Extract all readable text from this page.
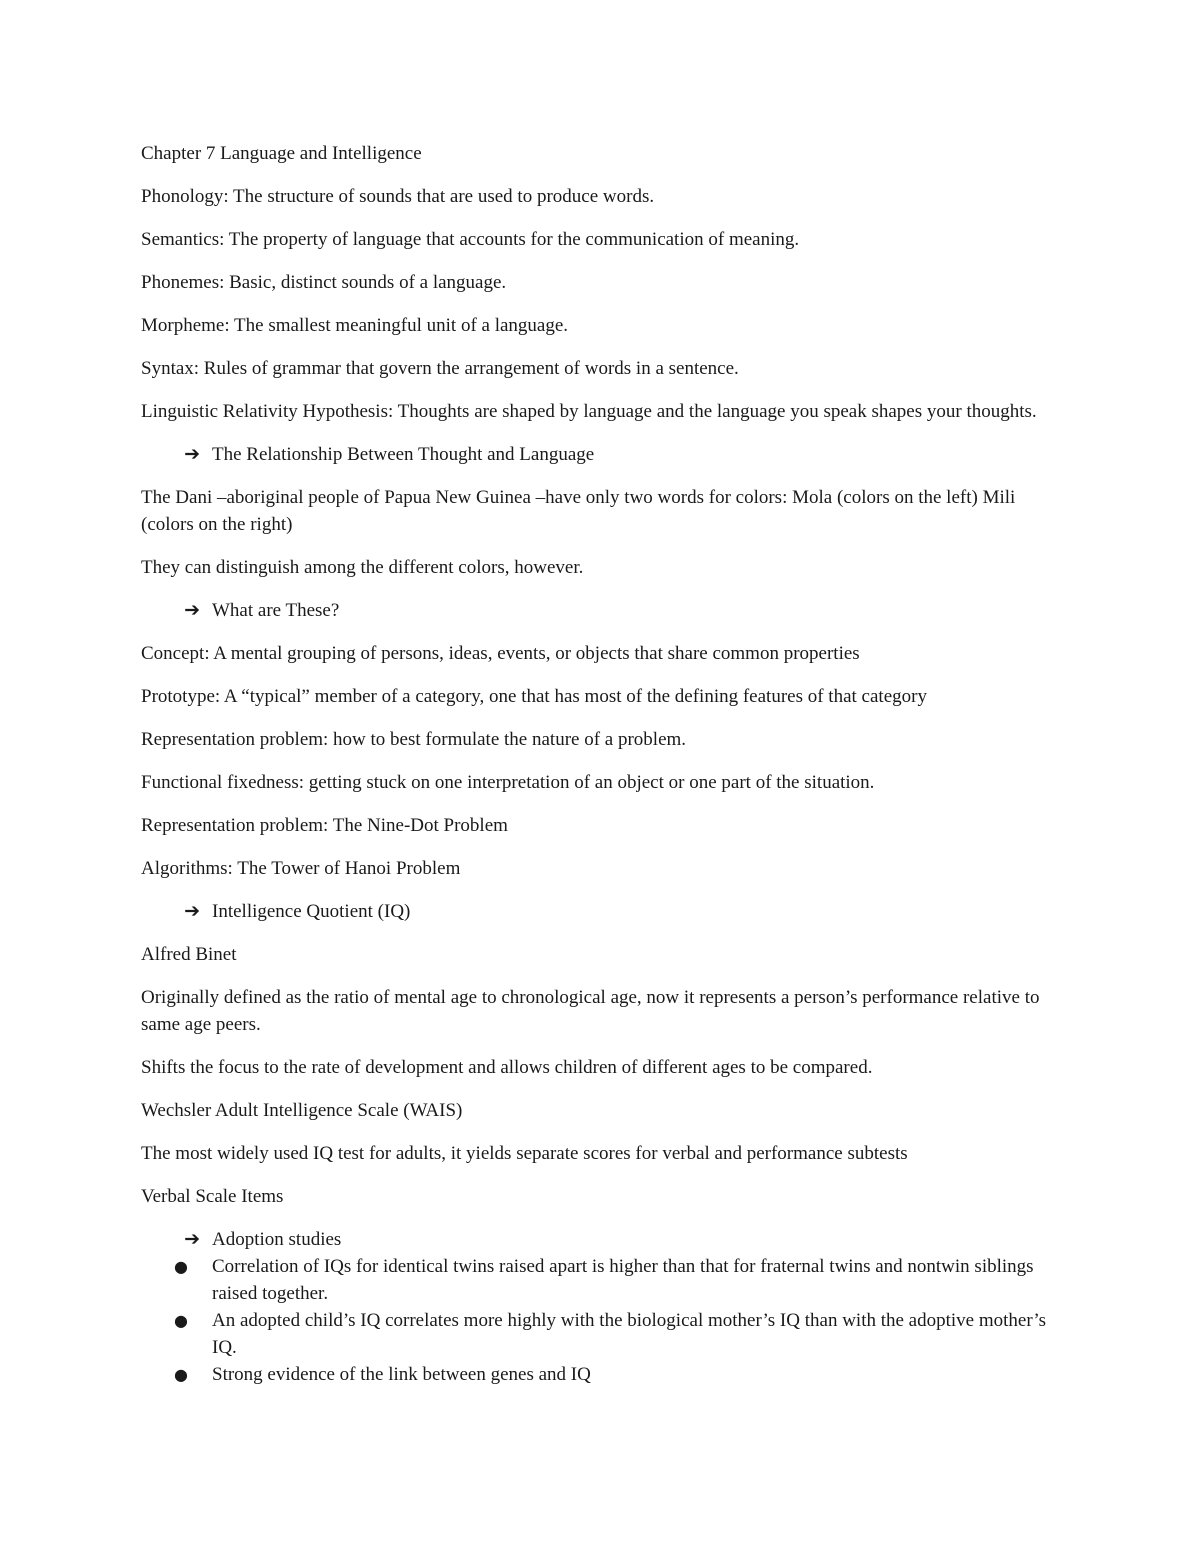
Chapter 7 Language and Intelligence

Phonology: The structure of sounds that are used to produce words.

Semantics: The property of language that accounts for the communication of meaning.

Phonemes: Basic, distinct sounds of a language.

Morpheme: The smallest meaningful unit of a language.

Syntax: Rules of grammar that govern the arrangement of words in a sentence.

Linguistic Relativity Hypothesis: Thoughts are shaped by language and the language you speak shapes your thoughts.

➔ The Relationship Between Thought and Language

The Dani –aboriginal people of Papua New Guinea –have only two words for colors: Mola (colors on the left) Mili (colors on the right)

They can distinguish among the different colors, however.

➔ What are These?

Concept: A mental grouping of persons, ideas, events, or objects that share common properties

Prototype: A “typical” member of a category, one that has most of the defining features of that category

Representation problem: how to best formulate the nature of a problem.

Functional fixedness: getting stuck on one interpretation of an object or one part of the situation.

Representation problem: The Nine-Dot Problem

Algorithms: The Tower of Hanoi Problem

➔ Intelligence Quotient (IQ)

Alfred Binet

Originally defined as the ratio of mental age to chronological age, now it represents a person’s performance relative to same age peers.

Shifts the focus to the rate of development and allows children of different ages to be compared.

Wechsler Adult Intelligence Scale (WAIS)

The most widely used IQ test for adults, it yields separate scores for verbal and performance subtests

Verbal Scale Items

➔ Adoption studies
●	Correlation of IQs for identical twins raised apart is higher than that for fraternal twins and nontwin siblings raised together.
●	An adopted child’s IQ correlates more highly with the biological mother’s IQ than with the adoptive mother’s IQ.
●	Strong evidence of the link between genes and IQ
